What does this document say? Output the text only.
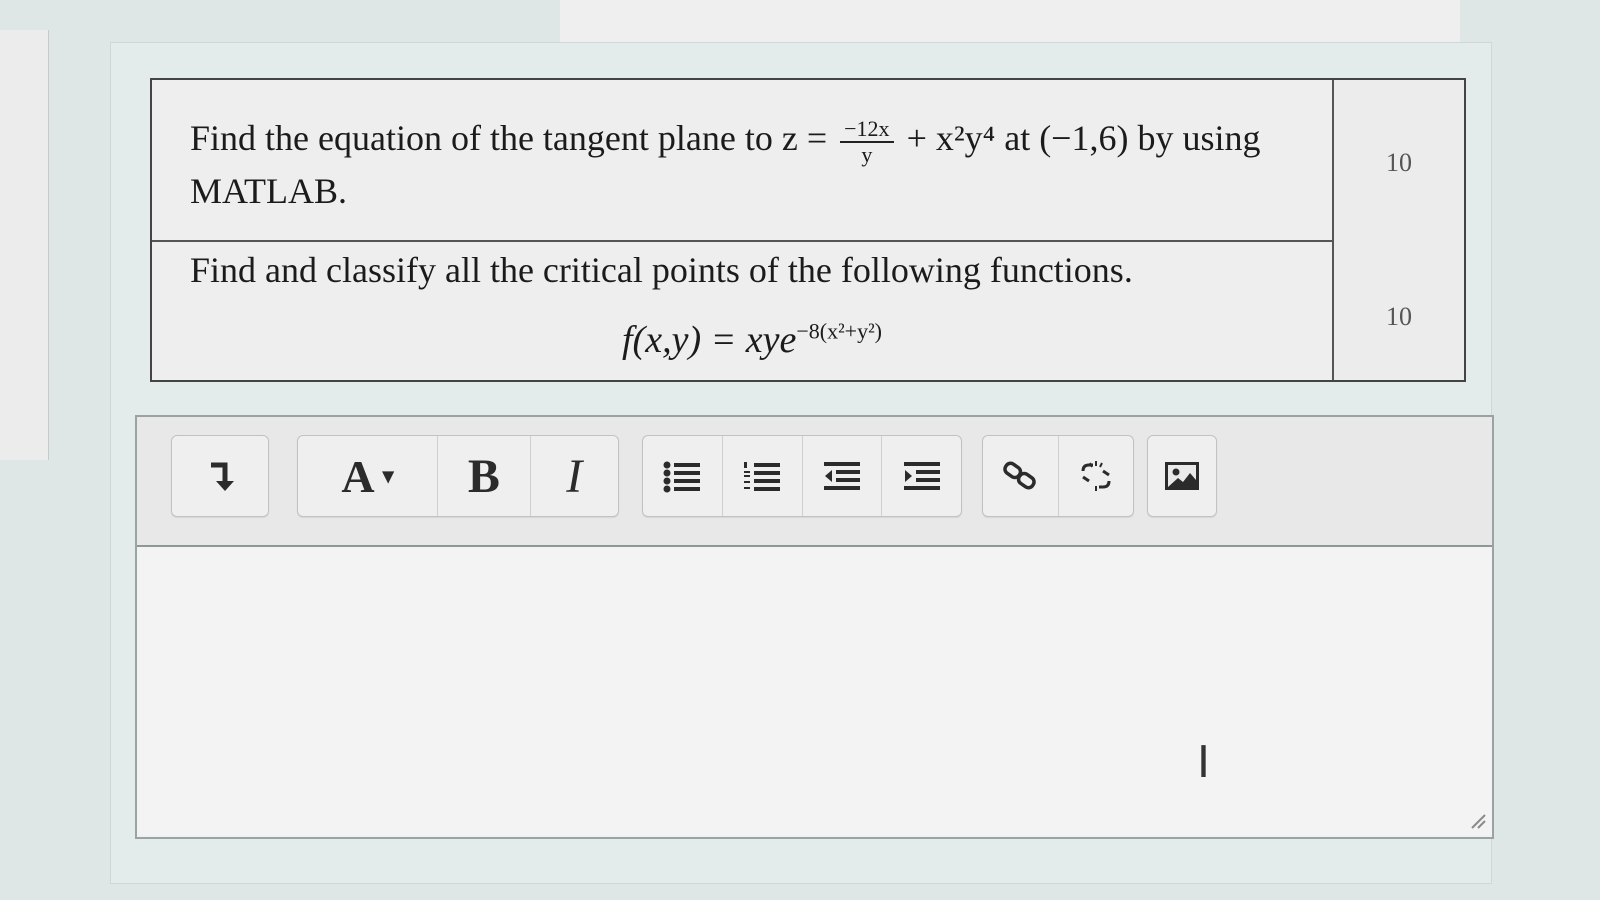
Find the equation of the tangent plane to $z = \frac{-12x}{y} + x^2y^4$ at (−1,6) by using
MATLAB.
Find and classify all the critical points of the following functions.
f(x,y) = xye$^{-8(x^2+y^2)}$
10
10
A ▾	B	I
I
